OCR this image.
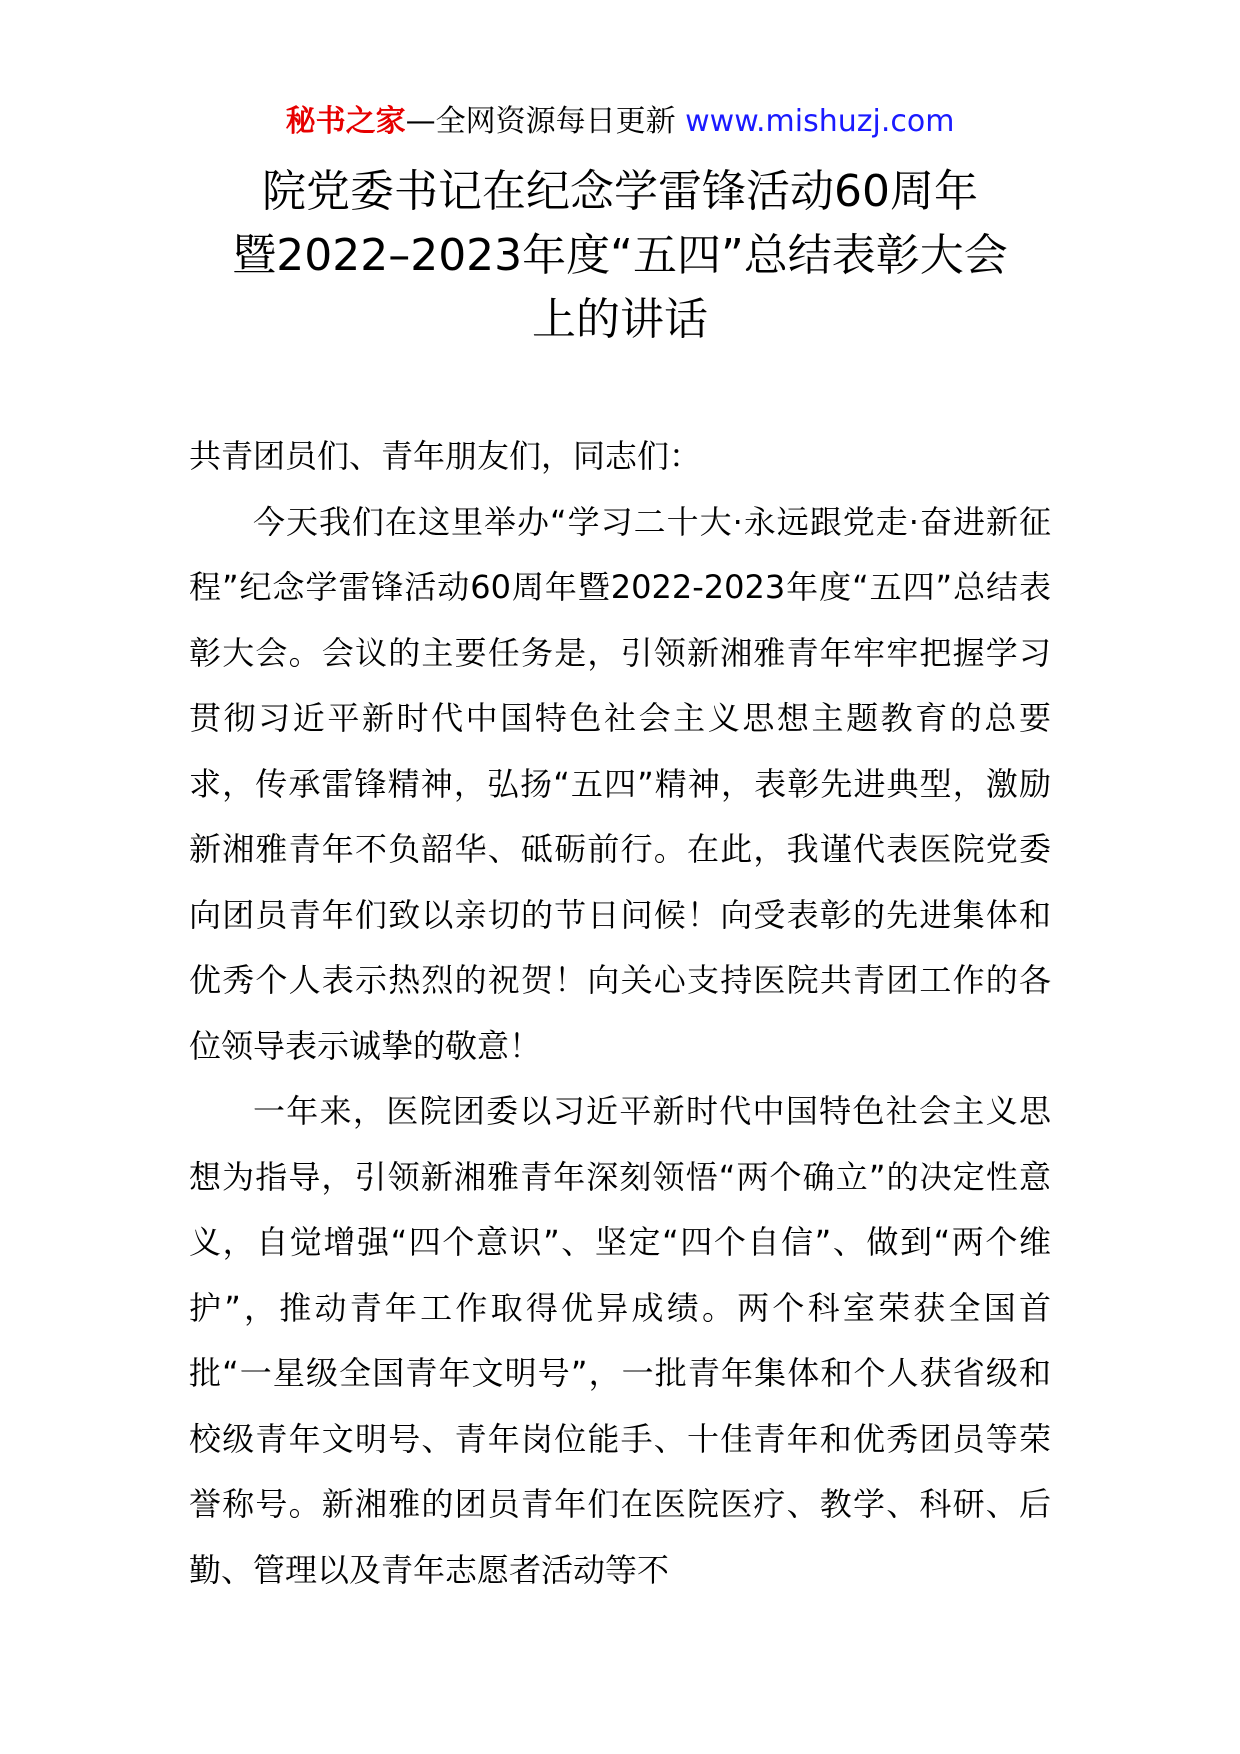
秘书之家—全网资源每日更新 www.mishuzj.com
院党委书记在纪念学雷锋活动60周年
暨2022–2023年度“五四”总结表彰大会
上的讲话

共青团员们、青年朋友们，同志们：

今天我们在这里举办“学习二十大·永远跟党走·奋进新征程”纪念学雷锋活动60周年暨2022-2023年度“五四”总结表彰大会。会议的主要任务是，引领新湘雅青年牢牢把握学习贯彻习近平新时代中国特色社会主义思想主题教育的总要求，传承雷锋精神，弘扬“五四”精神，表彰先进典型，激励新湘雅青年不负韶华、砥砺前行。在此，我谨代表医院党委向团员青年们致以亲切的节日问候！向受表彰的先进集体和优秀个人表示热烈的祝贺！向关心支持医院共青团工作的各位领导表示诚挚的敬意！

一年来，医院团委以习近平新时代中国特色社会主义思想为指导，引领新湘雅青年深刻领悟“两个确立”的决定性意义，自觉增强“四个意识”、坚定“四个自信”、做到“两个维护”，推动青年工作取得优异成绩。两个科室荣获全国首批“一星级全国青年文明号”，一批青年集体和个人获省级和校级青年文明号、青年岗位能手、十佳青年和优秀团员等荣誉称号。新湘雅的团员青年们在医院医疗、教学、科研、后勤、管理以及青年志愿者活动等不
